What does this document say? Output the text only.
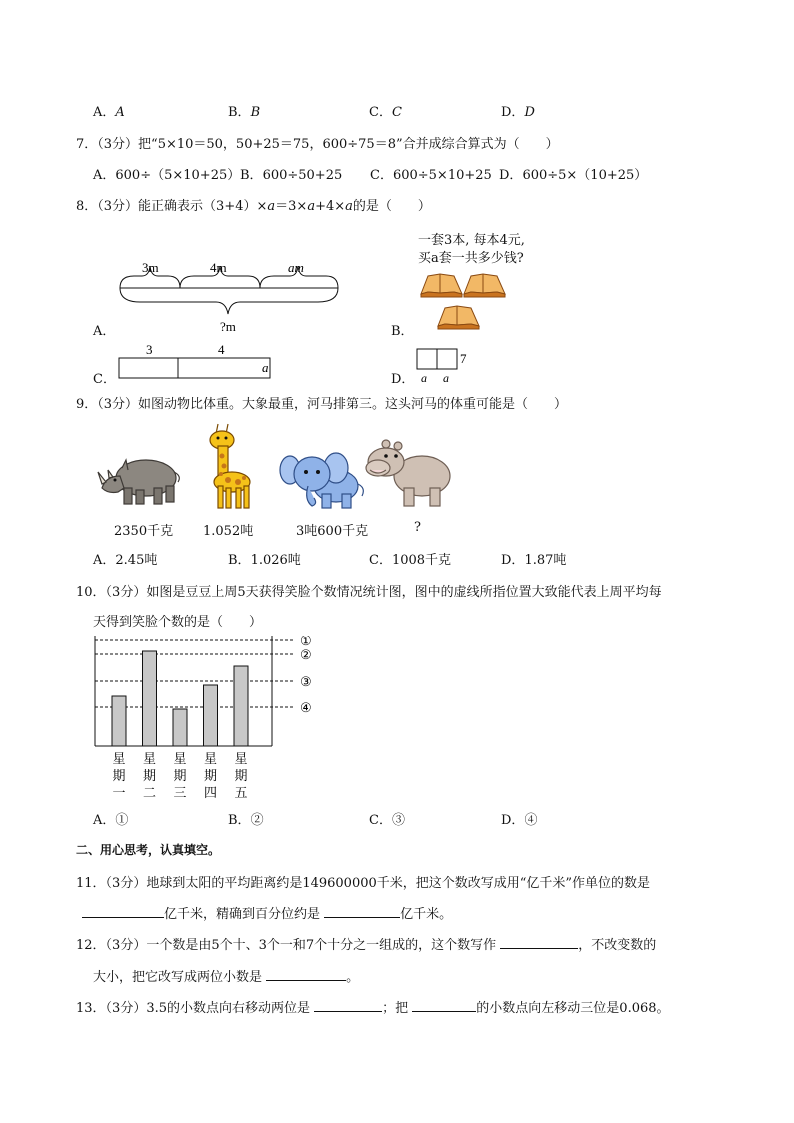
A．A	B．B	C．C	D．D
7．（3分）把“5×10＝50，50+25＝75，600÷75＝8”合并成综合算式为（　　）
A．600÷（5×10+25） B．600÷50+25 C．600÷5×10+25 D．600÷5×（10+25）
8．（3分）能正确表示（3+4）×a＝3×a+4×a的是（　　）
A．
3m	4m	am
?m	B．
一套3本, 每本4元,
买a套一共多少钱?
C．
3	4
a
D．
7
a a
9．（3分）如图动物比体重。大象最重，河马排第三。这头河马的体重可能是（　　）
2350千克 1.052吨	3吨600千克	?
A．2.45吨	B．1.026吨	C．1008千克	D．1.87吨
10．（3分）如图是豆豆上周5天获得笑脸个数情况统计图，图中的虚线所指位置大致能代表上周平均每
天得到笑脸个数的是（　　）
星期一
星期二
星期三
星期四
星期五
①
②
③
④
A．①	B．②	C．③	D．④
二、用心思考，认真填空。
11．（3分）地球到太阳的平均距离约是149600000千米，把这个数改写成用“亿千米”作单位的数是
亿千米，精确到百分位约是	亿千米。
12．（3分）一个数是由5个十、3个一和7个十分之一组成的，这个数写作	，不改变数的
大小，把它改写成两位小数是	。
13．（3分）3.5的小数点向右移动两位是	；把	的小数点向左移动三位是0.068。
